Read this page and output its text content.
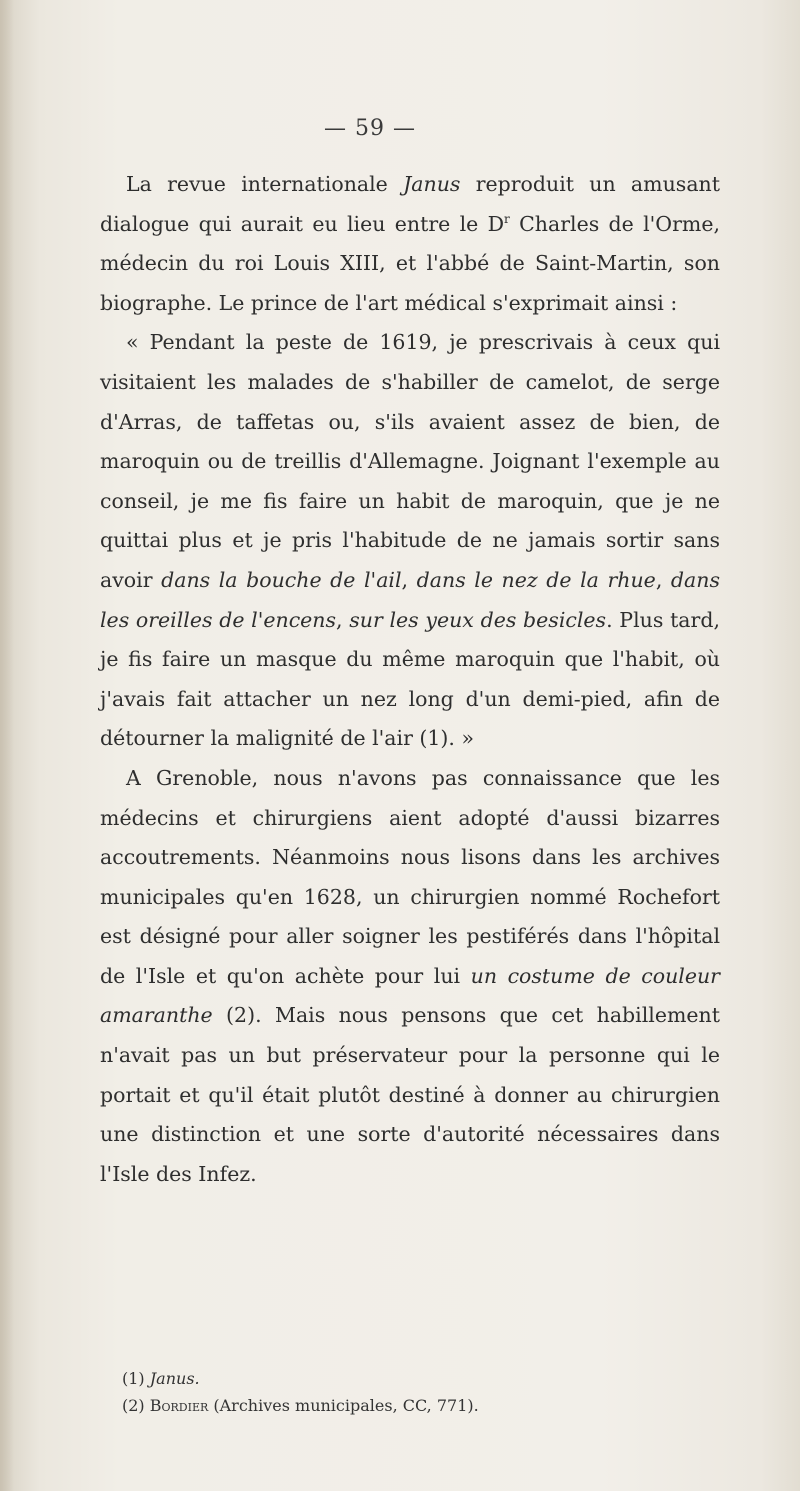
— 59 —

La revue internationale Janus reproduit un amusant dialogue qui aurait eu lieu entre le $D^r$ Charles de l'Orme, médecin du roi Louis XIII, et l'abbé de Saint-Martin, son biographe. Le prince de l'art médical s'exprimait ainsi :

« Pendant la peste de 1619, je prescrivais à ceux qui visitaient les malades de s'habiller de camelot, de serge d'Arras, de taffetas ou, s'ils avaient assez de bien, de maroquin ou de treillis d'Allemagne. Joignant l'exemple au conseil, je me fis faire un habit de maroquin, que je ne quittai plus et je pris l'habitude de ne jamais sortir sans avoir dans la bouche de l'ail, dans le nez de la rhue, dans les oreilles de l'encens, sur les yeux des besicles. Plus tard, je fis faire un masque du même maroquin que l'habit, où j'avais fait attacher un nez long d'un demi-pied, afin de détourner la malignité de l'air (1). »

A Grenoble, nous n'avons pas connaissance que les médecins et chirurgiens aient adopté d'aussi bizarres accoutrements. Néanmoins nous lisons dans les archives municipales qu'en 1628, un chirurgien nommé Rochefort est désigné pour aller soigner les pestiférés dans l'hôpital de l'Isle et qu'on achète pour lui un costume de couleur amaranthe (2). Mais nous pensons que cet habillement n'avait pas un but préservateur pour la personne qui le portait et qu'il était plutôt destiné à donner au chirurgien une distinction et une sorte d'autorité nécessaires dans l'Isle des Infez.

(1) Janus.
(2) Bordier (Archives municipales, CC, 771).
